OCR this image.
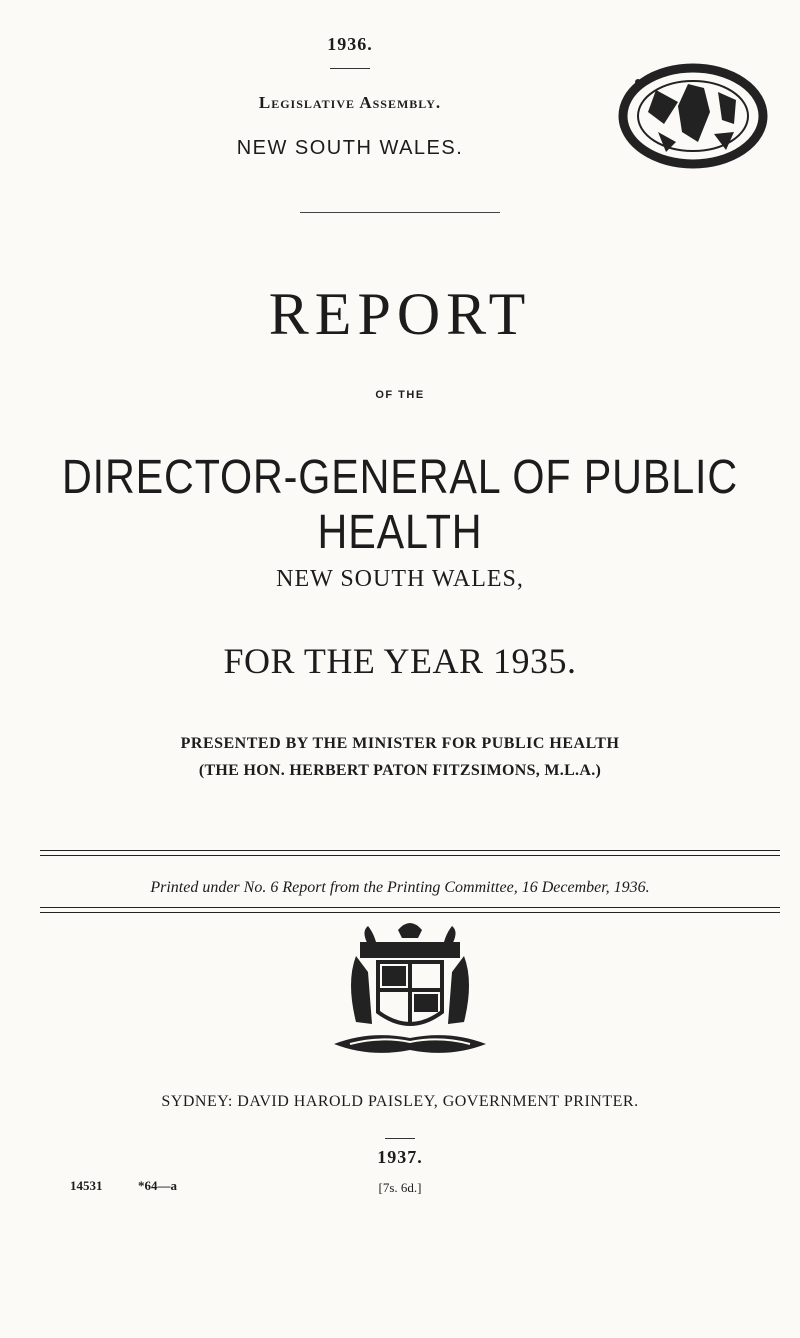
1936.
Legislative Assembly.
NEW SOUTH WALES.
REPORT
OF THE
DIRECTOR-GENERAL OF PUBLIC HEALTH
NEW SOUTH WALES,
FOR THE YEAR 1935.
PRESENTED BY THE MINISTER FOR PUBLIC HEALTH
(THE HON. HERBERT PATON FITZSIMONS, M.L.A.)
Printed under No. 6 Report from the Printing Committee, 16 December, 1936.
SYDNEY: DAVID HAROLD PAISLEY, GOVERNMENT PRINTER.
1937.
14531	*64—a	[7s. 6d.]
